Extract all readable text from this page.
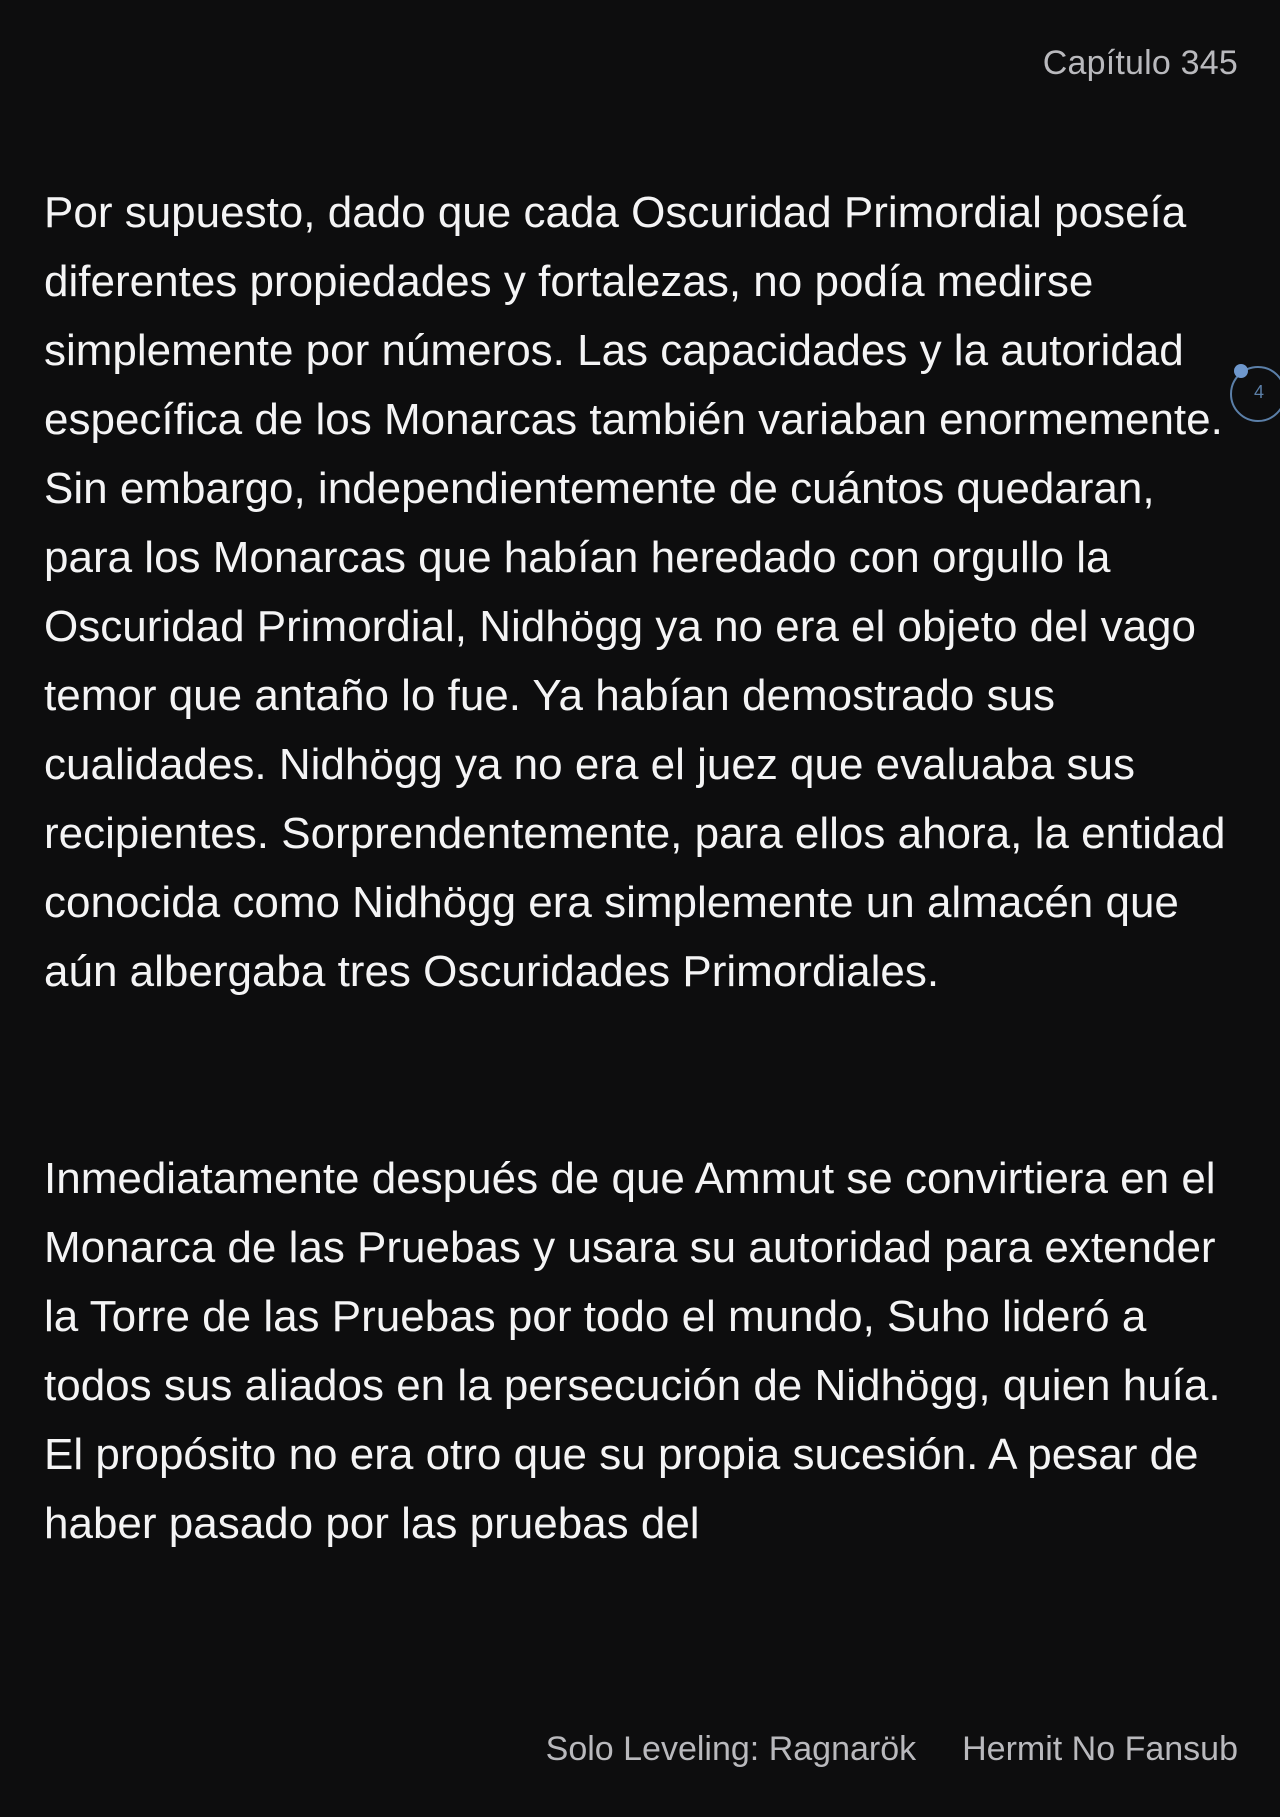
Capítulo 345

Por supuesto, dado que cada Oscuridad Primordial poseía diferentes propiedades y fortalezas, no podía medirse simplemente por números. Las capacidades y la autoridad específica de los Monarcas también variaban enormemente. Sin embargo, independientemente de cuántos quedaran, para los Monarcas que habían heredado con orgullo la Oscuridad Primordial, Nidhögg ya no era el objeto del vago temor que antaño lo fue. Ya habían demostrado sus cualidades. Nidhögg ya no era el juez que evaluaba sus recipientes. Sorprendentemente, para ellos ahora, la entidad conocida como Nidhögg era simplemente un almacén que aún albergaba tres Oscuridades Primordiales.

Inmediatamente después de que Ammut se convirtiera en el Monarca de las Pruebas y usara su autoridad para extender la Torre de las Pruebas por todo el mundo, Suho lideró a todos sus aliados en la persecución de Nidhögg, quien huía. El propósito no era otro que su propia sucesión. A pesar de haber pasado por las pruebas del

4
Solo Leveling: Ragnarök Hermit No Fansub
